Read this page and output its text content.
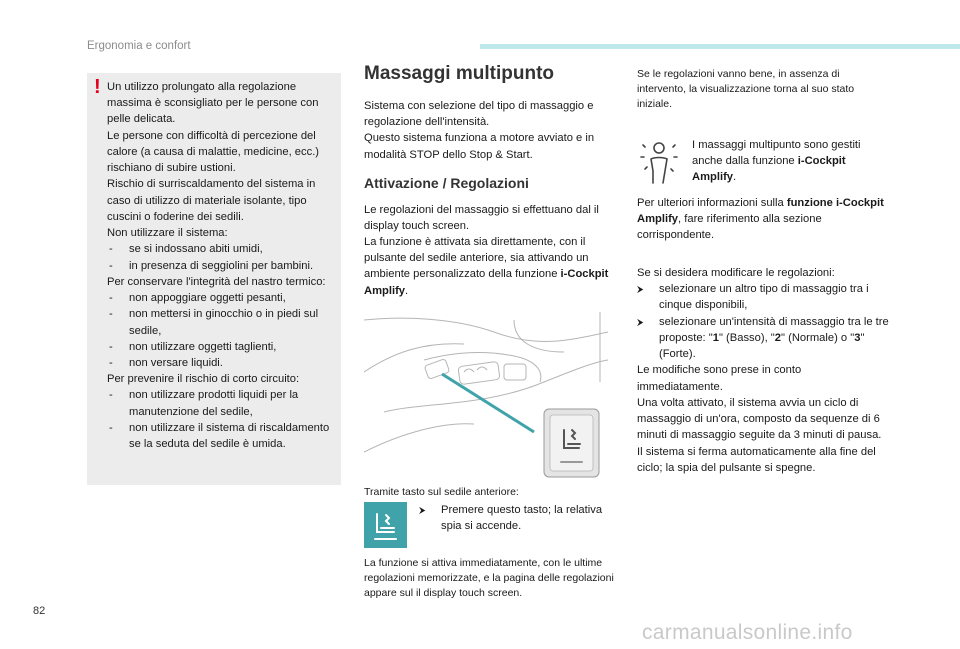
Ergonomia e confort
! Un utilizzo prolungato alla regolazione massima è sconsigliato per le persone con pelle delicata.

Le persone con difficoltà di percezione del calore (a causa di malattie, medicine, ecc.) rischiano di subire ustioni.

Rischio di surriscaldamento del sistema in caso di utilizzo di materiale isolante, tipo cuscini o foderine dei sedili.

Non utilizzare il sistema:

- se si indossano abiti umidi,
- in presenza di seggiolini per bambini.

Per conservare l'integrità del nastro termico:

- non appoggiare oggetti pesanti,
- non mettersi in ginocchio o in piedi sul sedile,
- non utilizzare oggetti taglienti,
- non versare liquidi.

Per prevenire il rischio di corto circuito:

- non utilizzare prodotti liquidi per la manutenzione del sedile,
- non utilizzare il sistema di riscaldamento se la seduta del sedile è umida.
Massaggi multipunto

Sistema con selezione del tipo di massaggio e regolazione dell'intensità.

Questo sistema funziona a motore avviato e in modalità STOP dello Stop & Start.

Attivazione / Regolazioni

Le regolazioni del massaggio si effettuano dal il display touch screen.

La funzione è attivata sia direttamente, con il pulsante del sedile anteriore, sia attivando un ambiente personalizzato della funzione i-Cockpit Amplify.

Tramite tasto sul sedile anteriore:
⮞ Premere questo tasto; la relativa spia si accende.
La funzione si attiva immediatamente, con le ultime regolazioni memorizzate, e la pagina delle regolazioni appare sul il display touch screen.

Se le regolazioni vanno bene, in assenza di intervento, la visualizzazione torna al suo stato iniziale.

I massaggi multipunto sono gestiti anche dalla funzione i-Cockpit Amplify.

Per ulteriori informazioni sulla funzione i-Cockpit Amplify, fare riferimento alla sezione corrispondente.

Se si desidera modificare le regolazioni:

⮞ selezionare un altro tipo di massaggio tra i cinque disponibili,
⮞ selezionare un'intensità di massaggio tra le tre proposte: "1" (Basso), "2" (Normale) o "3" (Forte).

Le modifiche sono prese in conto immediatamente.

Una volta attivato, il sistema avvia un ciclo di massaggio di un'ora, composto da sequenze di 6 minuti di massaggio seguite da 3 minuti di pausa.

Il sistema si ferma automaticamente alla fine del ciclo; la spia del pulsante si spegne.

82
carmanualsonline.info
